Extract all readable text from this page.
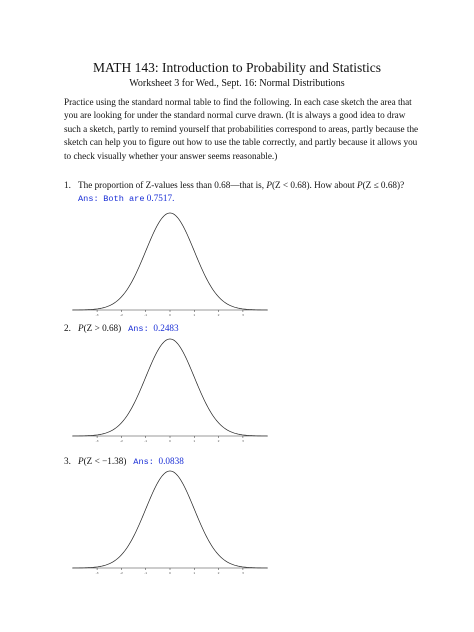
MATH 143: Introduction to Probability and Statistics
Worksheet 3 for Wed., Sept. 16: Normal Distributions
Practice using the standard normal table to find the following. In each case sketch the area that
you are looking for under the standard normal curve drawn. (It is always a good idea to draw
such a sketch, partly to remind yourself that probabilities correspond to areas, partly because the
sketch can help you to figure out how to use the table correctly, and partly because it allows you
to check visually whether your answer seems reasonable.)
1. The proportion of Z-values less than 0.68—that is, P(Z < 0.68). How about P(Z ≤ 0.68)?
Ans: Both are 0.7517.
-3	-2	-1	0	1	2	3
2. P(Z > 0.68) Ans: 0.2483
-3	-2	-1	0	1	2	3
3. P(Z < −1.38) Ans: 0.0838
-3	-2	-1	0	1	2	3
